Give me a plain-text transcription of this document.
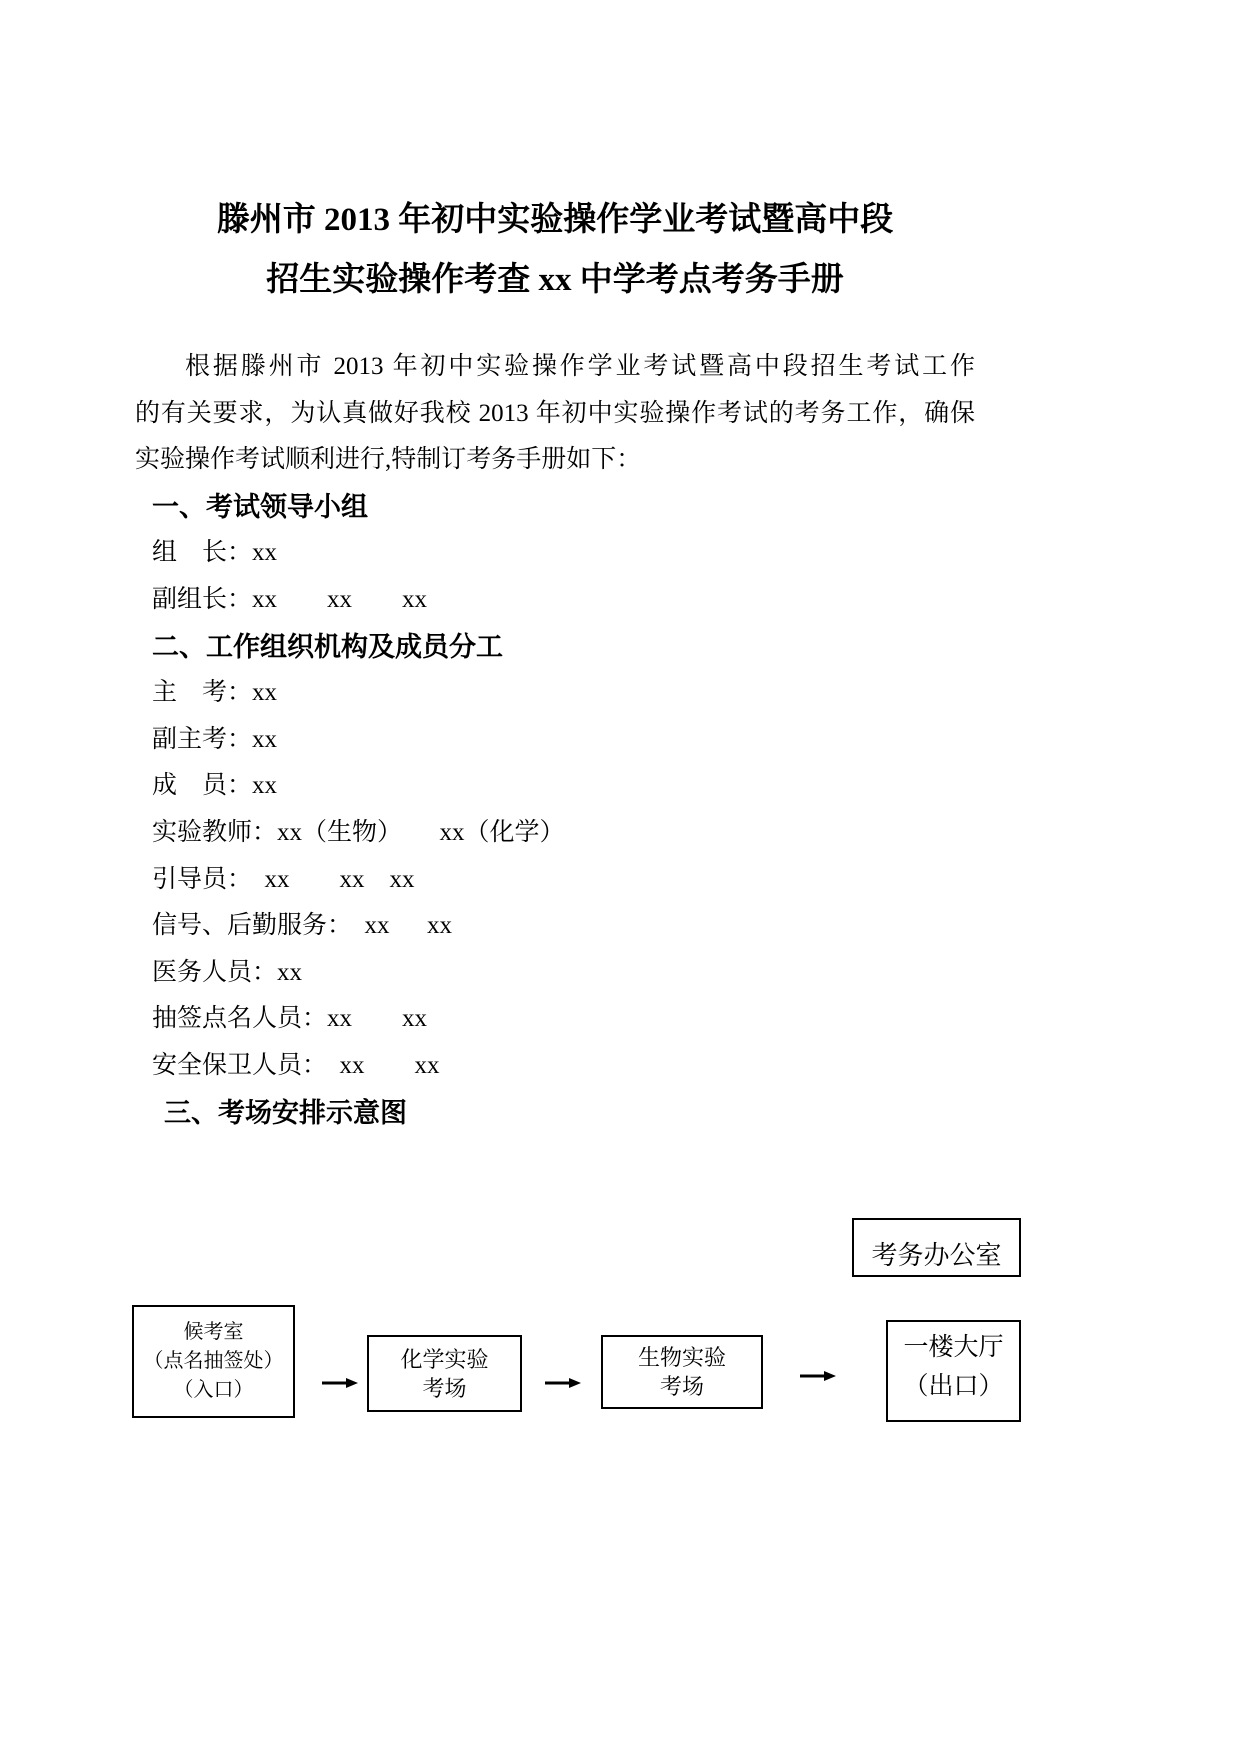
滕州市 2013 年初中实验操作学业考试暨高中段
招生实验操作考查 xx 中学考点考务手册
根据滕州市 2013 年初中实验操作学业考试暨高中段招生考试工作
的有关要求，为认真做好我校 2013 年初中实验操作考试的考务工作，确保
实验操作考试顺利进行,特制订考务手册如下：
一、考试领导小组
组　长：xx
副组长：xx　　xx　　xx
二、工作组织机构及成员分工
主　考：xx
副主考：xx
成　员：xx
实验教师：xx（生物）　　xx（化学）
引导员：  xx　　xx　xx
信号、后勤服务：  xx      xx
医务人员：xx
抽签点名人员：xx　　xx
安全保卫人员：  xx　　xx
三、考场安排示意图
考务办公室
候考室
（点名抽签处）
（入口）
化学实验
考场
生物实验
考场
一楼大厅
（出口）
